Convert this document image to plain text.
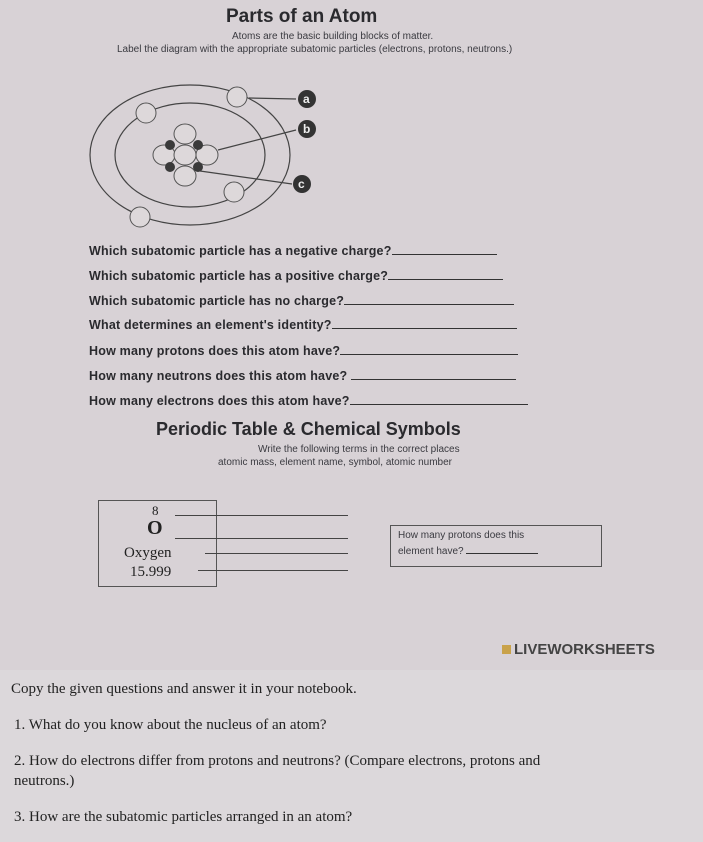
Parts of an Atom
Atoms are the basic building blocks of matter.
Label the diagram with the appropriate subatomic particles (electrons, protons, neutrons.)
a
b
c
Which subatomic particle has a negative charge?
Which subatomic particle has a positive charge?
Which subatomic particle has no charge?
What determines an element's identity?
How many protons does this atom have?
How many neutrons does this atom have?
How many electrons does this atom have?
Periodic Table & Chemical Symbols
Write the following terms in the correct places
atomic mass, element name, symbol, atomic number
8
O
Oxygen
15.999
How many protons does this
element have?
LIVEWORKSHEETS
Copy the given questions and answer it in your notebook.
1. What do you know about the nucleus of an atom?
2. How do electrons differ from protons and neutrons? (Compare electrons, protons and
neutrons.)
3. How are the subatomic particles arranged in an atom?
